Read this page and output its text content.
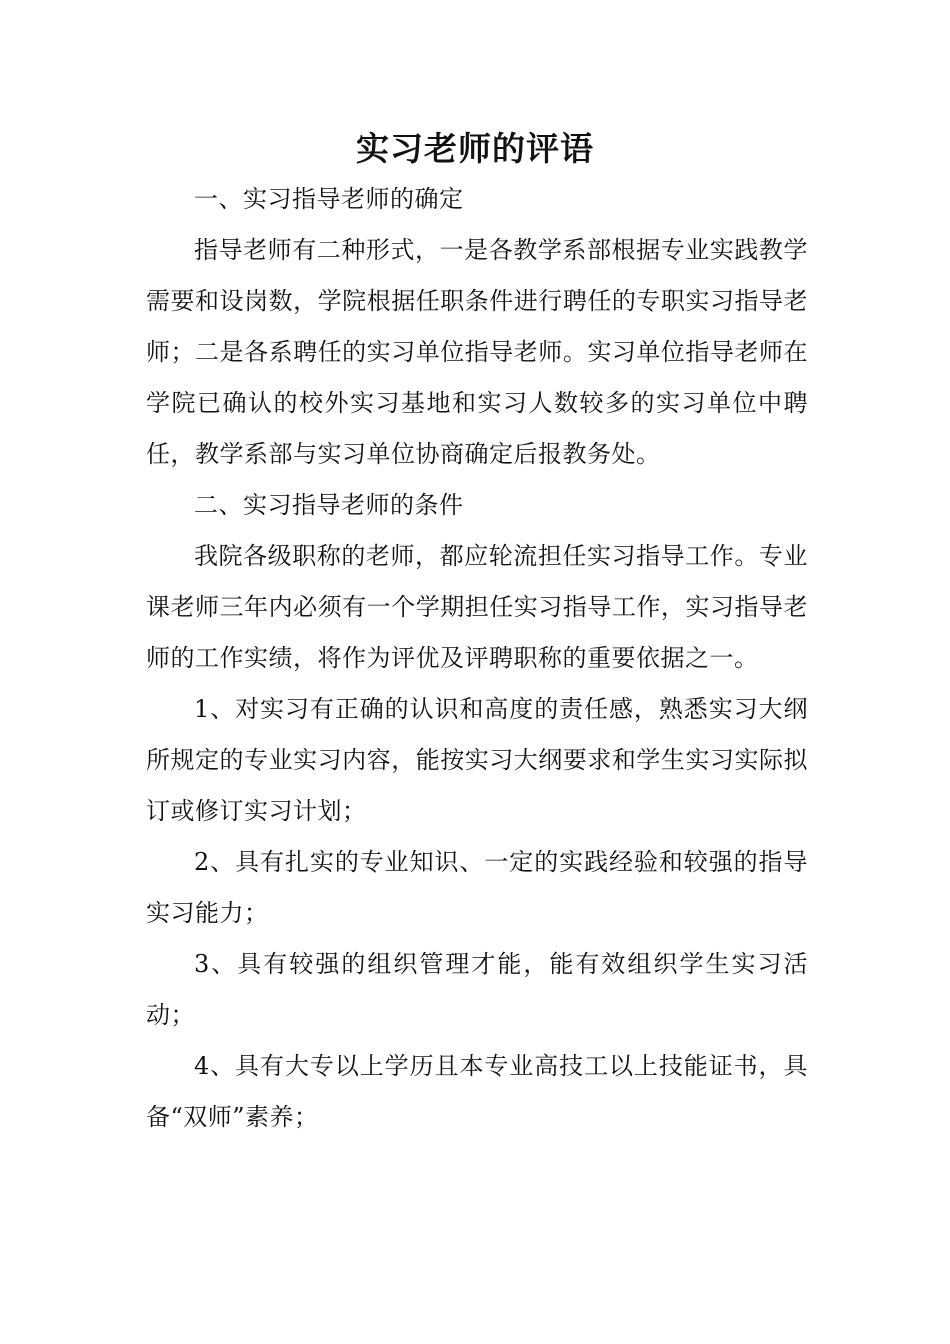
实习老师的评语

一、实习指导老师的确定

指导老师有二种形式，一是各教学系部根据专业实践教学需要和设岗数，学院根据任职条件进行聘任的专职实习指导老师；二是各系聘任的实习单位指导老师。实习单位指导老师在学院已确认的校外实习基地和实习人数较多的实习单位中聘任，教学系部与实习单位协商确定后报教务处。

二、实习指导老师的条件

我院各级职称的老师，都应轮流担任实习指导工作。专业课老师三年内必须有一个学期担任实习指导工作，实习指导老师的工作实绩，将作为评优及评聘职称的重要依据之一。

1、对实习有正确的认识和高度的责任感，熟悉实习大纲所规定的专业实习内容，能按实习大纲要求和学生实习实际拟订或修订实习计划；

2、具有扎实的专业知识、一定的实践经验和较强的指导实习能力；

3、具有较强的组织管理才能，能有效组织学生实习活动；

4、具有大专以上学历且本专业高技工以上技能证书，具备“双师”素养；
